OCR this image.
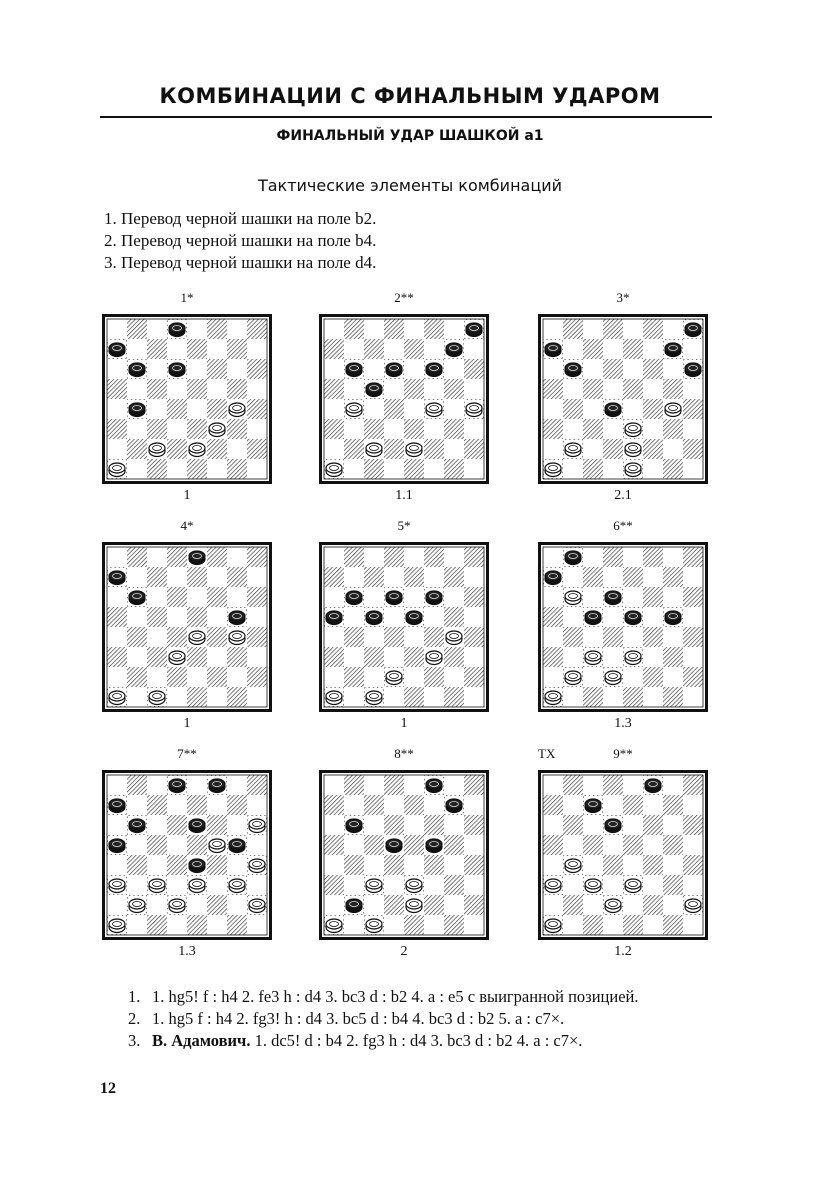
КОМБИНАЦИИ С ФИНАЛЬНЫМ УДАРОМ
ФИНАЛЬНЫЙ УДАР ШАШКОЙ а1
Тактические элементы комбинаций
1. Перевод черной шашки на поле b2.
2. Перевод черной шашки на поле b4.
3. Перевод черной шашки на поле d4.
1*
1
2**
1.1
3*
2.1
4*
1
5*
1
6**
1.3
7**
1.3
8**
2
ТХ	9**
1.2
1. 1. hg5! f : h4 2. fe3 h : d4 3. bc3 d : b2 4. a : e5 с выигранной позицией.
2. 1. hg5 f : h4 2. fg3! h : d4 3. bc5 d : b4 4. bc3 d : b2 5. a : c7×.
3. В. Адамович. 1. dc5! d : b4 2. fg3 h : d4 3. bc3 d : b2 4. a : c7×.
12
